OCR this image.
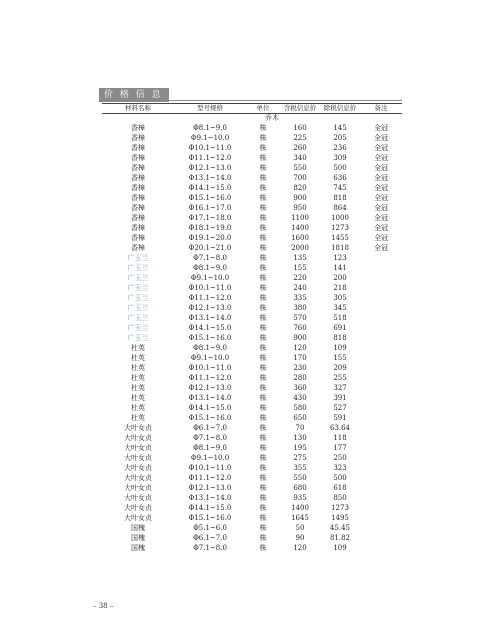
价 格 信 息
材料名称	型号规格	单位	含税信息价	除税信息价	备注
乔木
香樟	Φ8.1~9.0	株	160	145	全冠
香樟	Φ9.1~10.0	株	225	205	全冠
香樟	Φ10.1~11.0	株	260	236	全冠
香樟	Φ11.1~12.0	株	340	309	全冠
香樟	Φ12.1~13.0	株	550	500	全冠
香樟	Φ13.1~14.0	株	700	636	全冠
香樟	Φ14.1~15.0	株	820	745	全冠
香樟	Φ15.1~16.0	株	900	818	全冠
香樟	Φ16.1~17.0	株	950	864	全冠
香樟	Φ17.1~18.0	株	1100	1000	全冠
香樟	Φ18.1~19.0	株	1400	1273	全冠
香樟	Φ19.1~20.0	株	1600	1455	全冠
香樟	Φ20.1~21.0	株	2000	1818	全冠
广玉兰	Φ7.1~8.0	株	135	123
广玉兰	Φ8.1~9.0	株	155	141
广玉兰	Φ9.1~10.0	株	220	200
广玉兰	Φ10.1~11.0	株	240	218
广玉兰	Φ11.1~12.0	株	335	305
广玉兰	Φ12.1~13.0	株	380	345
广玉兰	Φ13.1~14.0	株	570	518
广玉兰	Φ14.1~15.0	株	760	691
广玉兰	Φ15.1~16.0	株	900	818
杜英	Φ8.1~9.0	株	120	109
杜英	Φ9.1~10.0	株	170	155
杜英	Φ10.1~11.0	株	230	209
杜英	Φ11.1~12.0	株	280	255
杜英	Φ12.1~13.0	株	360	327
杜英	Φ13.1~14.0	株	430	391
杜英	Φ14.1~15.0	株	580	527
杜英	Φ15.1~16.0	株	650	591
大叶女贞	Φ6.1~7.0	株	70	63.64
大叶女贞	Φ7.1~8.0	株	130	118
大叶女贞	Φ8.1~9.0	株	195	177
大叶女贞	Φ9.1~10.0	株	275	250
大叶女贞	Φ10.1~11.0	株	355	323
大叶女贞	Φ11.1~12.0	株	550	500
大叶女贞	Φ12.1~13.0	株	680	618
大叶女贞	Φ13.1~14.0	株	935	850
大叶女贞	Φ14.1~15.0	株	1400	1273
大叶女贞	Φ15.1~16.0	株	1645	1495
国槐	Φ5.1~6.0	株	50	45.45
国槐	Φ6.1~7.0	株	90	81.82
国槐	Φ7.1~8.0	株	120	109
– 38 –
